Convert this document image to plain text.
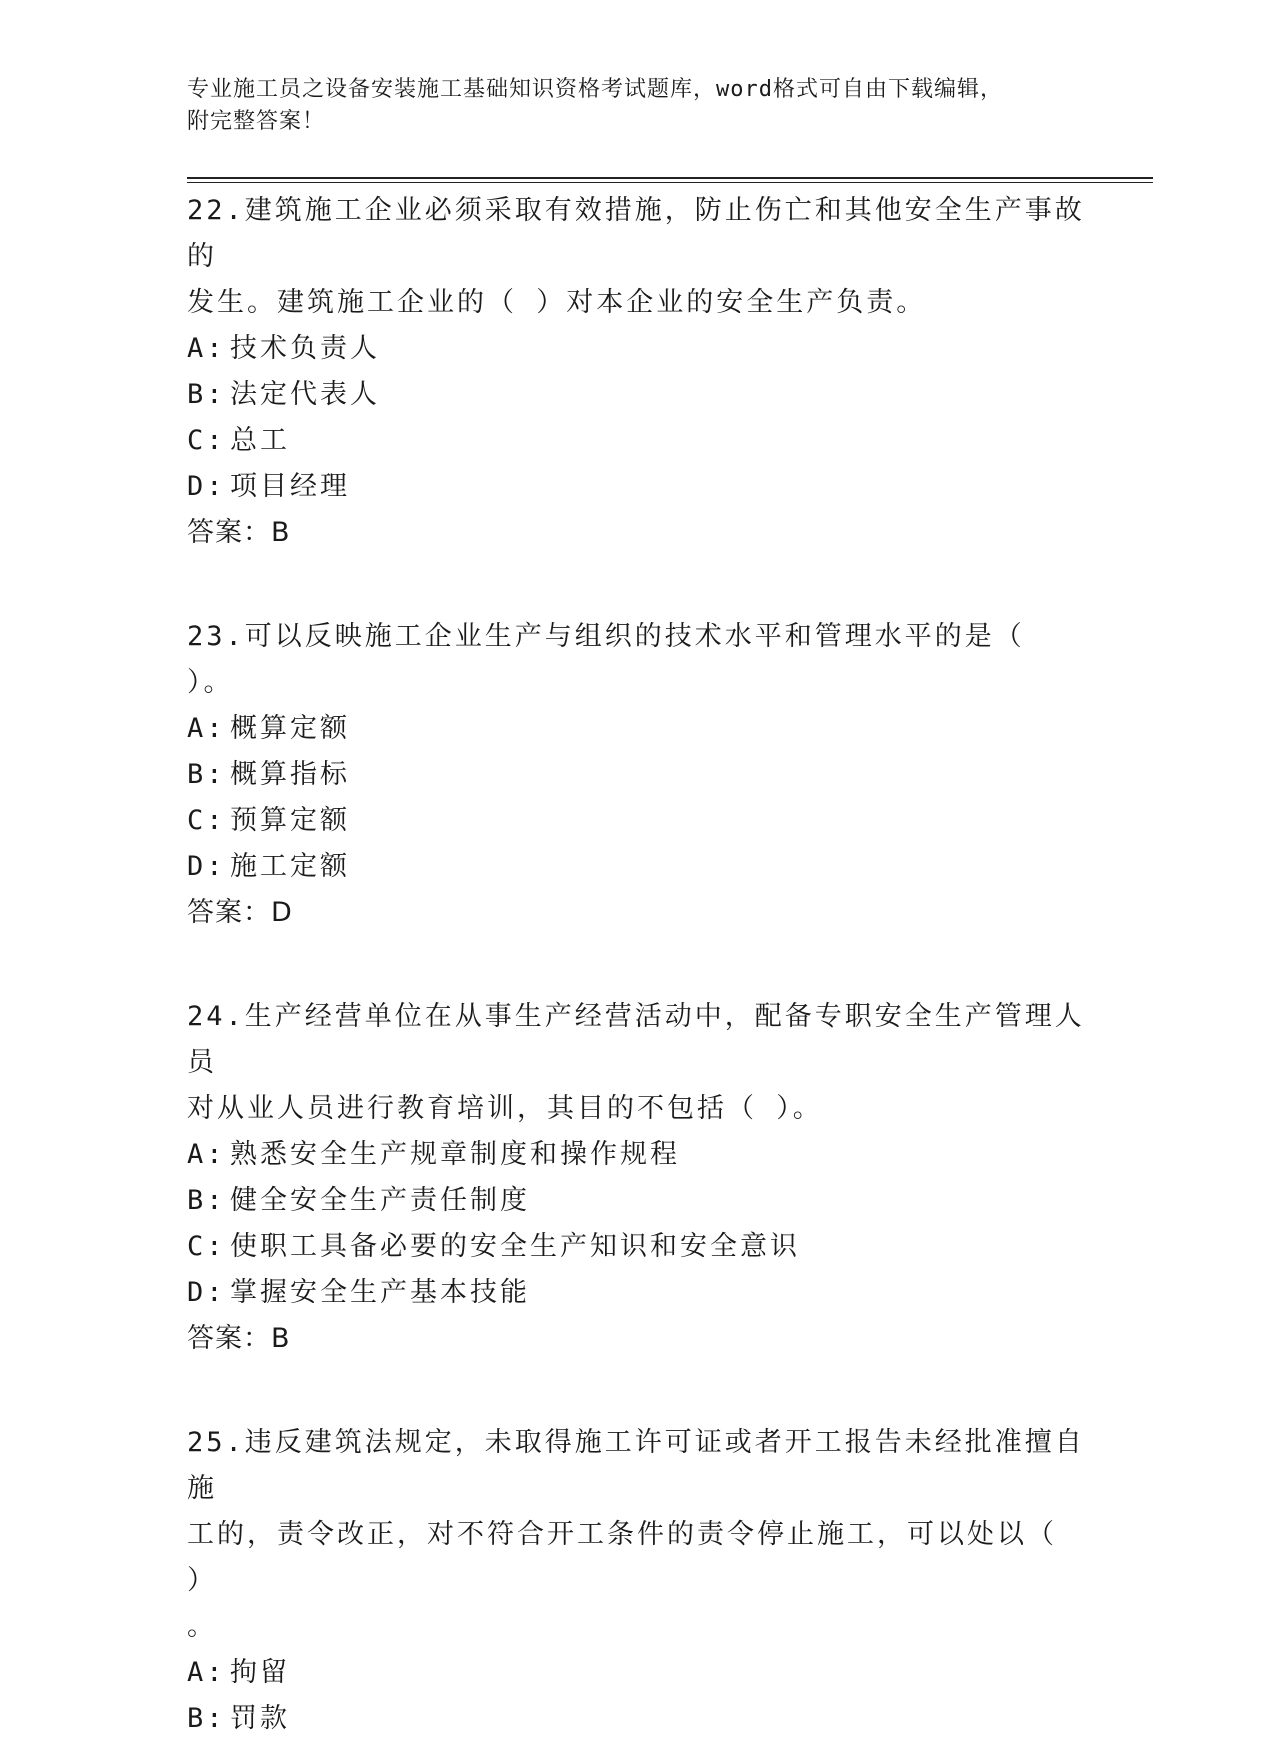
专业施工员之设备安装施工基础知识资格考试题库，word格式可自由下载编辑，
附完整答案！
22.建筑施工企业必须采取有效措施，防止伤亡和其他安全生产事故的
发生。建筑施工企业的（ ）对本企业的安全生产负责。
A: 技术负责人
B: 法定代表人
C: 总工
D: 项目经理
答案：B
23.可以反映施工企业生产与组织的技术水平和管理水平的是（ ）。
A: 概算定额
B: 概算指标
C: 预算定额
D: 施工定额
答案：D
24.生产经营单位在从事生产经营活动中，配备专职安全生产管理人员
对从业人员进行教育培训，其目的不包括（ ）。
A: 熟悉安全生产规章制度和操作规程
B: 健全安全生产责任制度
C: 使职工具备必要的安全生产知识和安全意识
D: 掌握安全生产基本技能
答案：B
25.违反建筑法规定，未取得施工许可证或者开工报告未经批准擅自施
工的，责令改正，对不符合开工条件的责令停止施工，可以处以（ ）
。
A: 拘留
B: 罚款
